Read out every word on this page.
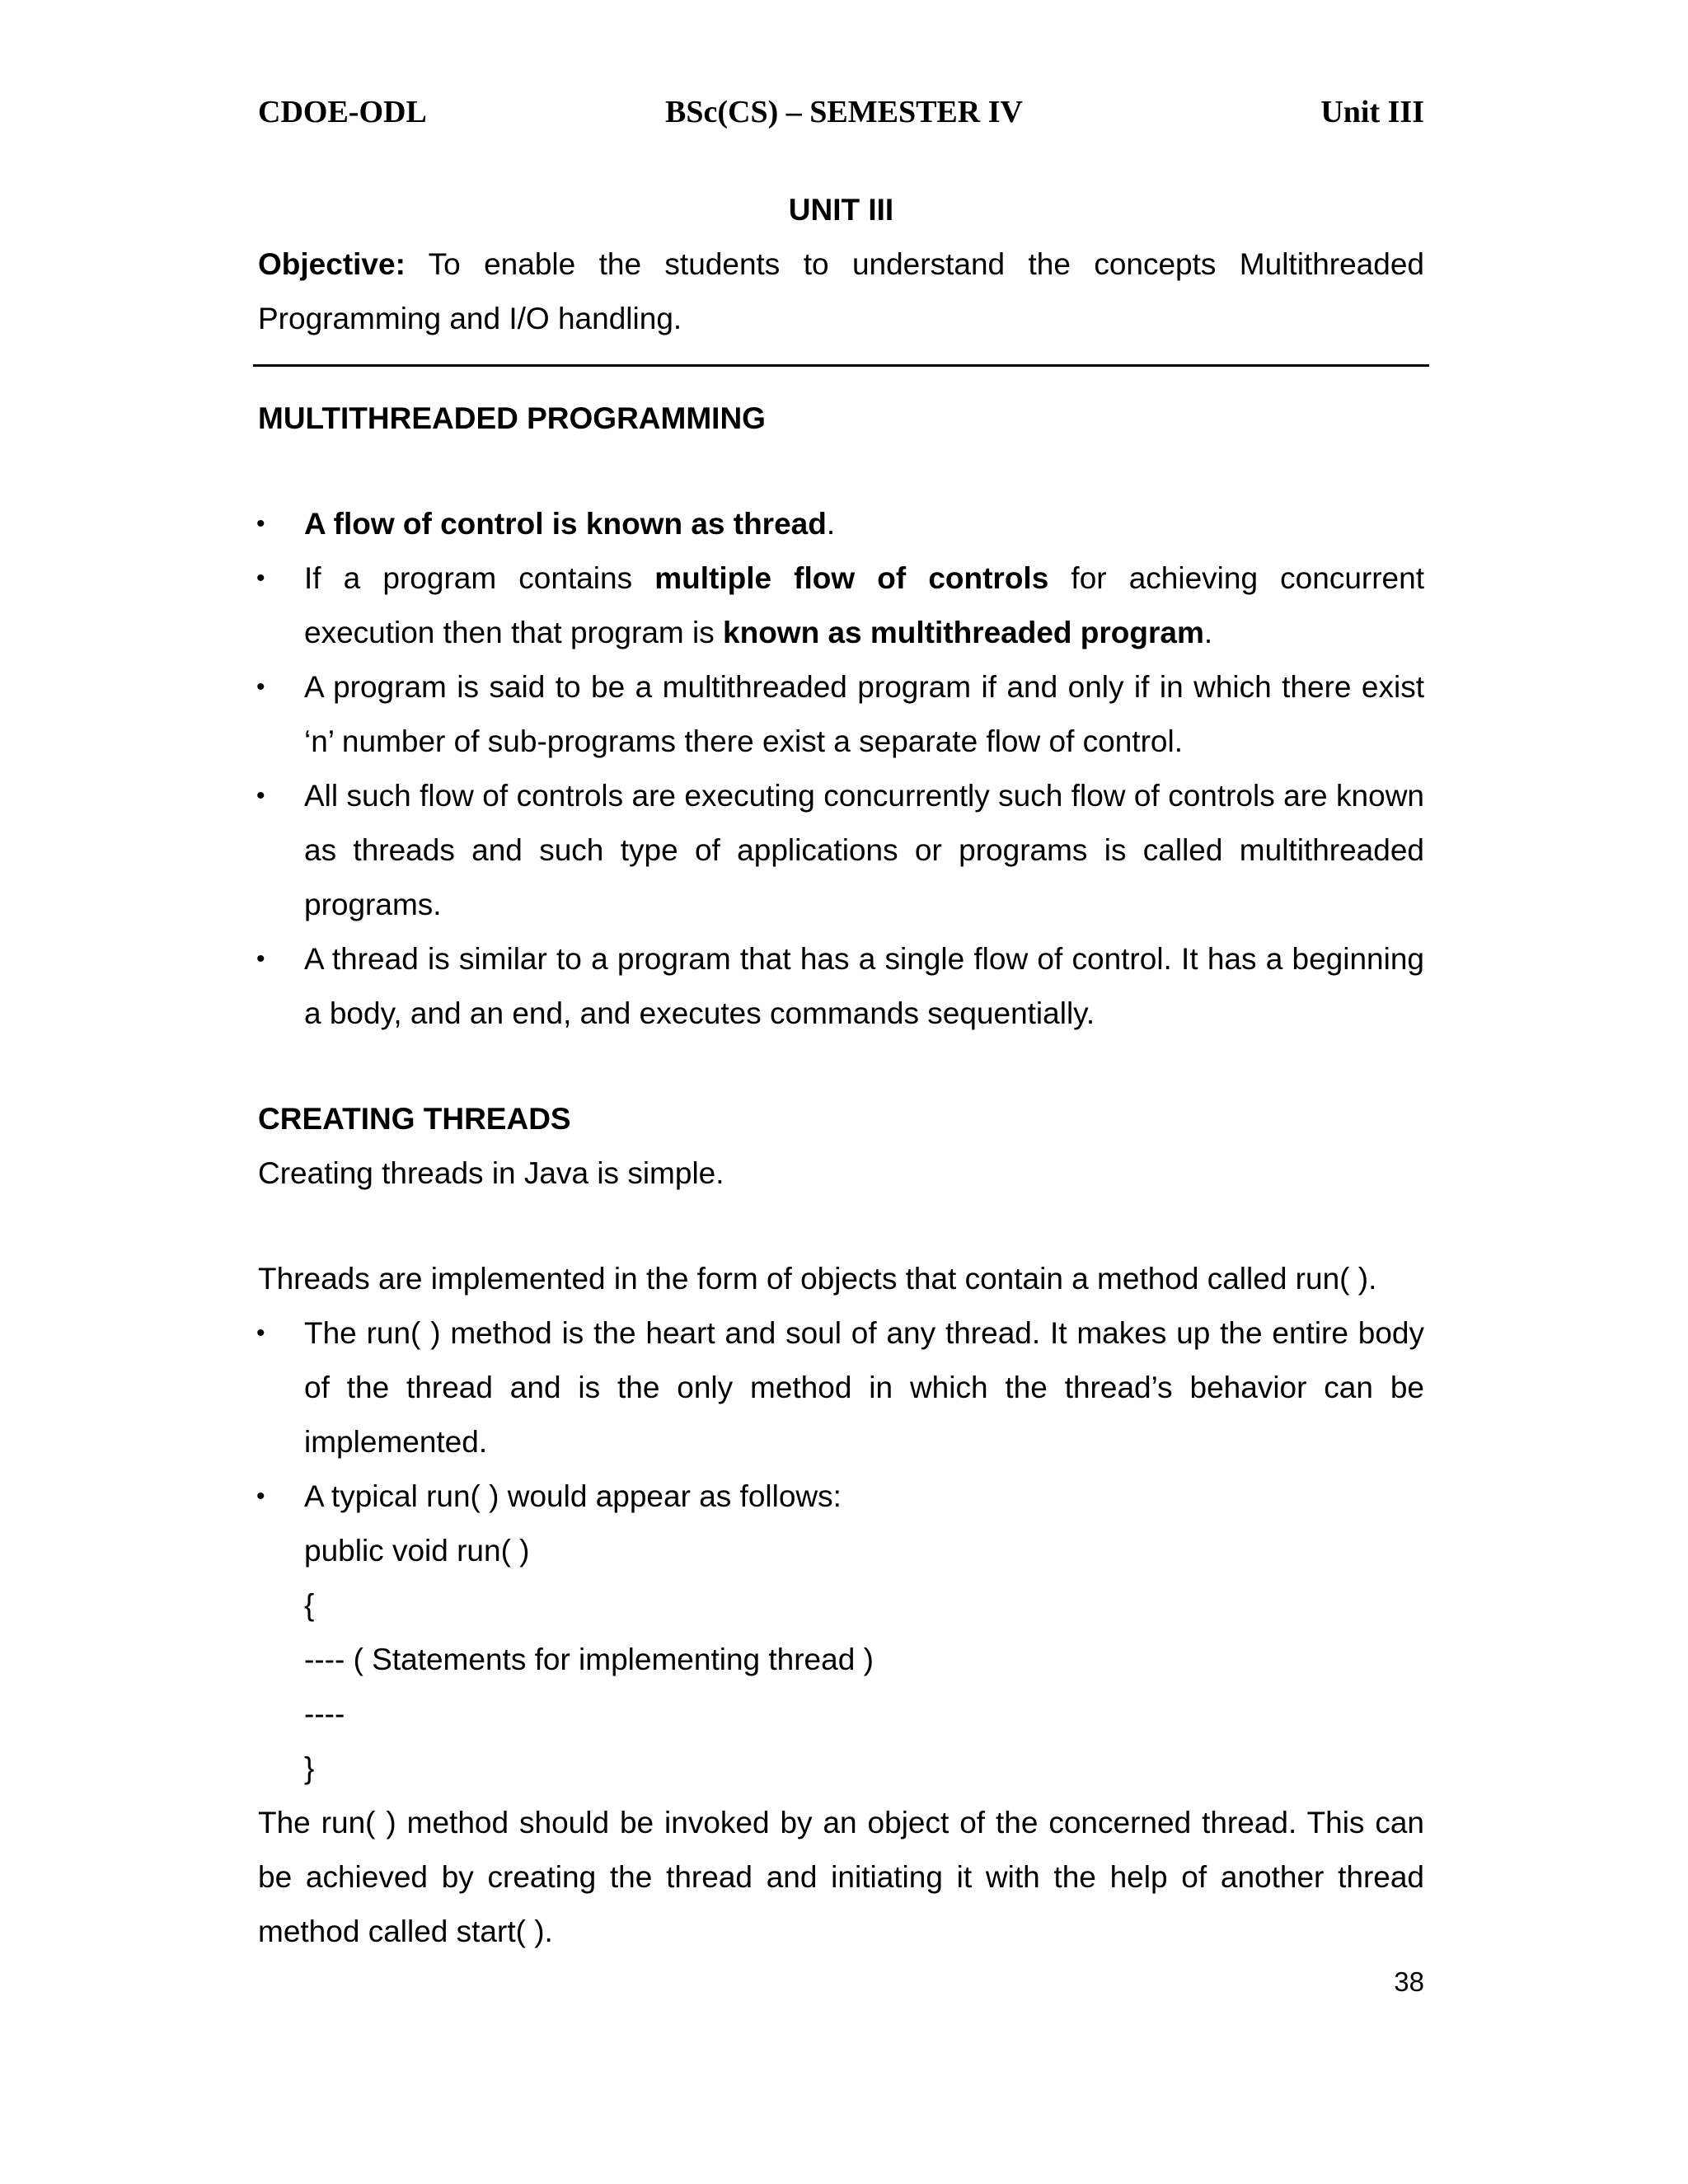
CDOE-ODL	BSc(CS) – SEMESTER IV	Unit III

UNIT III

Objective: To enable the students to understand the concepts Multithreaded Programming and I/O handling.

MULTITHREADED PROGRAMMING

• A flow of control is known as thread.
• If a program contains multiple flow of controls for achieving concurrent execution then that program is known as multithreaded program.
• A program is said to be a multithreaded program if and only if in which there exist ‘n’ number of sub-programs there exist a separate flow of control.
• All such flow of controls are executing concurrently such flow of controls are known as threads and such type of applications or programs is called multithreaded programs.
• A thread is similar to a program that has a single flow of control. It has a beginning a body, and an end, and executes commands sequentially.

CREATING THREADS

Creating threads in Java is simple.

Threads are implemented in the form of objects that contain a method called run( ).

• The run( ) method is the heart and soul of any thread. It makes up the entire body of the thread and is the only method in which the thread’s behavior can be implemented.
• A typical run( ) would appear as follows:

public void run( )

{

---- ( Statements for implementing thread )

----

}

The run( ) method should be invoked by an object of the concerned thread. This can be achieved by creating the thread and initiating it with the help of another thread method called start( ).

38
